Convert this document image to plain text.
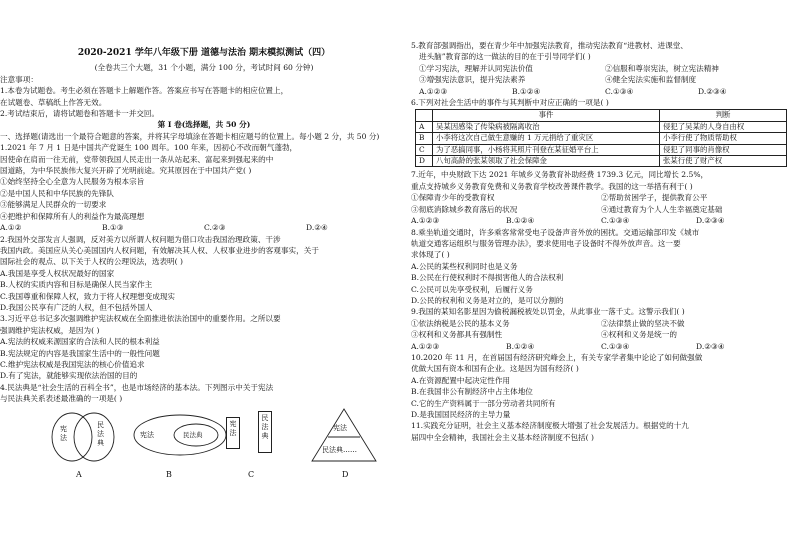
2020-2021 学年八年级下册 道德与法治 期末模拟测试（四）
(全卷共三个大题，31 个小题，满分 100 分，考试时间 60 分钟)
注意事项：
1.本卷为试题卷。考生必须在答题卡上解题作答。答案应书写在答题卡的相应位置上，
在试题卷、草稿纸上作答无效。
2.考试结束后，请将试题卷和答题卡一并交回。
第 I 卷(选择题，共 50 分)
一、选择题(请选出一个最符合题意的答案，并将其字母填涂在答题卡相应题号的位置上。每小题 2 分，共 50 分)
1.2021 年 7 月 1 日是中国共产党诞生 100 周年。100 年来，因初心不改而朝气蓬勃，
因使命在肩而一往无前，党带领我国人民走出一条从站起来、富起来到强起来的中
国道路，为中华民族伟大复兴开辟了光明前途。究其原因在于中国共产党( )
①始终坚持全心全意为人民服务为根本宗旨
②是中国人民和中华民族的先锋队
③能够满足人民群众的一切要求
④把维护和保障所有人的利益作为最高理想
A.①②	B.①③	C.②③	D.②④
2.我国外交部发言人强调，反对美方以所谓人权问题为借口攻击我国治理政策、干涉
我国内政。美国应从关心美国国内人权问题，有效解决其人权、人权事业进步的客观事实，关于
国际社会的观点、以下关于人权的公理说法，选表明( )
A.我国是享受人权状况最好的国家
B.人权的实质内容和目标是确保人民当家作主
C.我国尊重和保障人权，致力于将人权理想变成现实
D.我国公民享有广泛的人权，但不包括外国人
3.习近平总书记多次强调维护宪法权威在全面推进依法治国中的重要作用。之所以要
强调维护宪法权威，是因为( )
A.宪法的权威来源国家的合法和人民的根本利益
B.宪法规定的内容是我国家生活中的一般性问题
C.维护宪法权威是我国宪法的核心价值追求
D.有了宪法，就能够实现依法治国的目的
4.民法典是“社会生活的百科全书”，也是市场经济的基本法。下列图示中关于宪法
与民法典关系表述最准确的一项是( )
宪法
民法典
A
宪法	民法典
B
宪法
民法典
C
宪法
民法典……
D
5.教育部强调指出，要在青少年中加强宪法教育，推动宪法教育“进教材、进课堂、
进头脑”教育部的这一做法的目的在于引导同学们( )
①学习宪法，理解并认同宪法价值	②信服和尊崇宪法，树立宪法精神
③增强宪法意识，提升宪法素养	④健全宪法实施和监督制度
A.①②③	B.①②④	C.①③④	D.②③④
6.下列对社会生活中的事件与其判断中对应正确的一项是( )
	事件	判断
A	吴某因感染了传染病被隔离收治	侵犯了吴某的人身自由权
B	小李将这次自己做生意赚的 1 万元捐给了重灾区	小李行使了物质帮助权
C	为了恶搞同事，小杨将其照片刊登在某征婚平台上	侵犯了同事的肖像权
D	八旬高龄的张某领取了社会保障金	张某行使了财产权
7.近年，中央财政下达 2021 年城乡义务教育补助经费 1739.3 亿元，同比增长 2.5%，
重点支持城乡义务教育免费和义务教育学校改善课件教学。我国的这一举措有利于( )
①保障青少年的受教育权	②帮助贫困学子，提供教育公平
③彻底消除城乡教育落后的状况	④通过教育为个人人生幸福奠定基础
A.①②③	B.①②④	C.①③④	D.②③④
8.乘坐轨道交通时，许多乘客常常受电子设备声音外放的困扰。交通运输部印发《城市
轨道交通客运组织与服务管理办法》，要求使用电子设备时不得外放声音。这一要
求体现了( )
A.公民的某些权利同时也是义务
B.公民在行使权利时不得损害他人的合法权利
C.公民可以先享受权利，后履行义务
D.公民的权利和义务是对立的，是可以分割的
9.我国的某知名影星因为偷税漏税被处以罚金，从此事业一落千丈。这警示我们( )
①依法纳税是公民的基本义务	②法律禁止做的坚决不做
③权利和义务都具有强制性	④权利和义务是统一的
A.①②③	B.①②④	C.①③④	D.②③④
10.2020 年 11 月，在首届国有经济研究峰会上，有关专家学者集中论论了如何做强做
优做大国有资本和国有企业。这是因为国有经济( )
A.在资源配置中起决定性作用
B.在我国非公有制经济中占主体地位
C.它的生产资料属于一部分劳动者共同所有
D.是我国国民经济的主导力量
11.实践充分证明，社会主义基本经济制度极大增强了社会发展活力。根据党的十九
届四中全会精神，我国社会主义基本经济制度不包括( )
